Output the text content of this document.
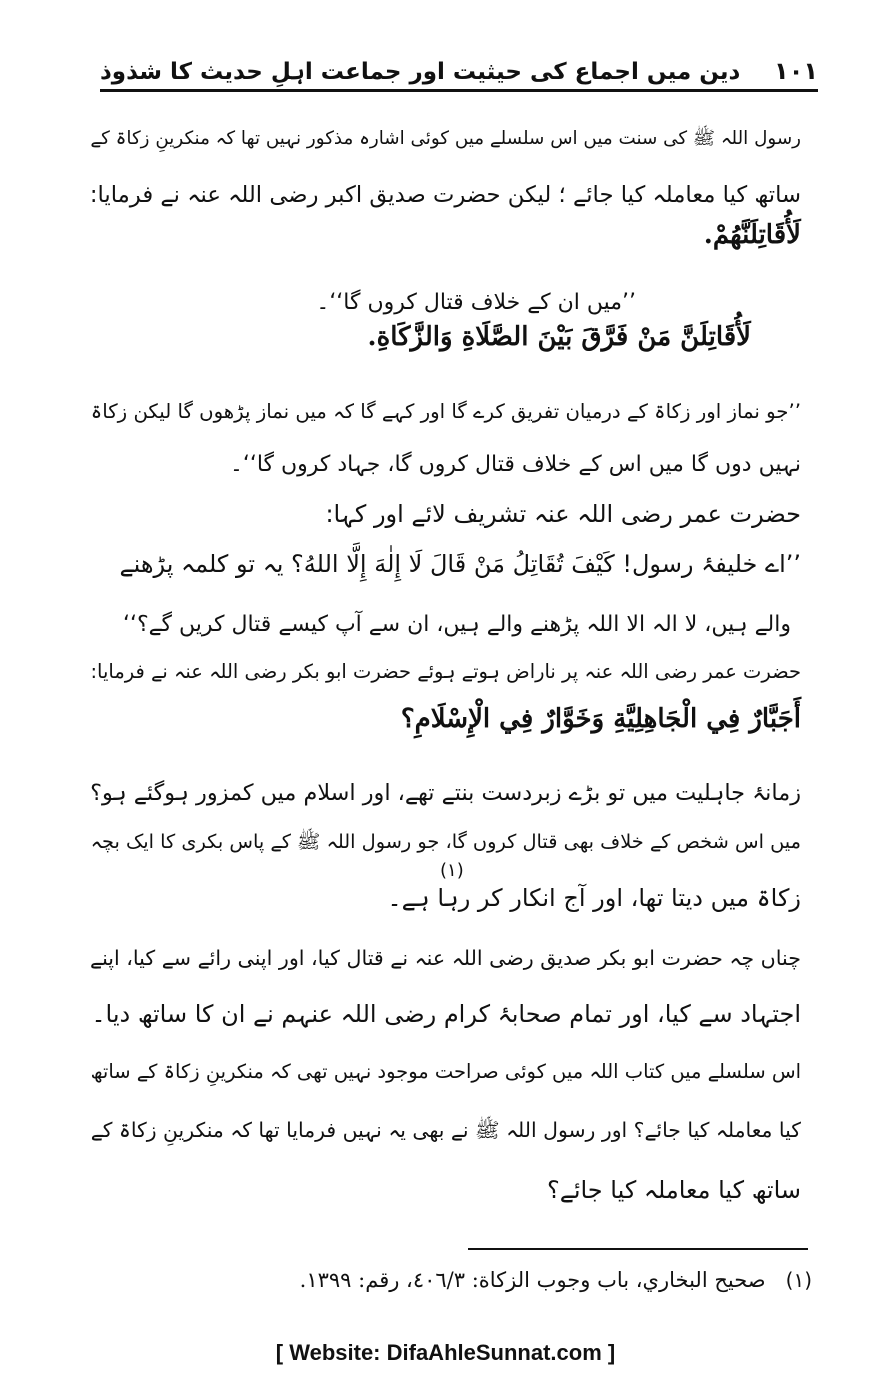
۱۰۱
دین میں اجماع کی حیثیت اور جماعت اہلِ حدیث کا شذوذ
رسول اللہ ﷺ کی سنت میں اس سلسلے میں کوئی اشارہ مذکور نہیں تھا کہ منکرینِ زکاۃ کے
ساتھ کیا معاملہ کیا جائے ؛ لیکن حضرت صدیق اکبر رضی اللہ عنہ نے فرمایا:
لَأُقَاتِلَنَّهُمْ.
’’میں ان کے خلاف قتال کروں گا‘‘۔
لَأُقَاتِلَنَّ مَنْ فَرَّقَ بَيْنَ الصَّلَاةِ وَالزَّكَاةِ.
’’جو نماز اور زکاۃ کے درمیان تفریق کرے گا اور کہے گا کہ میں نماز پڑھوں گا لیکن زکاۃ
نہیں دوں گا میں اس کے خلاف قتال کروں گا، جہاد کروں گا‘‘۔
حضرت عمر رضی اللہ عنہ تشریف لائے اور کہا:
’’اے خلیفۂ رسول! كَيْفَ تُقَاتِلُ مَنْ قَالَ لَا إِلٰهَ إِلَّا اللهُ؟ یہ تو کلمہ پڑھنے
والے ہیں، لا الہ الا اللہ پڑھنے والے ہیں، ان سے آپ کیسے قتال کریں گے؟‘‘
حضرت عمر رضی اللہ عنہ پر ناراض ہوتے ہوئے حضرت ابو بکر رضی اللہ عنہ نے فرمایا:
أَجَبَّارٌ فِي الْجَاهِلِيَّةِ وَخَوَّارٌ فِي الْإِسْلَامِ؟
زمانۂ جاہلیت میں تو بڑے زبردست بنتے تھے، اور اسلام میں کمزور ہوگئے ہو؟
میں اس شخص کے خلاف بھی قتال کروں گا، جو رسول اللہ ﷺ کے پاس بکری کا ایک بچہ
(۱)
زکاۃ میں دیتا تھا، اور آج انکار کر رہا ہے۔
چناں چہ حضرت ابو بکر صدیق رضی اللہ عنہ نے قتال کیا، اور اپنی رائے سے کیا، اپنے
اجتہاد سے کیا، اور تمام صحابۂ کرام رضی اللہ عنہم نے ان کا ساتھ دیا۔
اس سلسلے میں کتاب اللہ میں کوئی صراحت موجود نہیں تھی کہ منکرینِ زکاۃ کے ساتھ
کیا معاملہ کیا جائے؟ اور رسول اللہ ﷺ نے بھی یہ نہیں فرمایا تھا کہ منکرینِ زکاۃ کے
ساتھ کیا معاملہ کیا جائے؟
(۱)
صحيح البخاري، باب وجوب الزكاة: ٤٠٦/٣، رقم: ١٣٩٩.
[ Website: DifaAhleSunnat.com ]
